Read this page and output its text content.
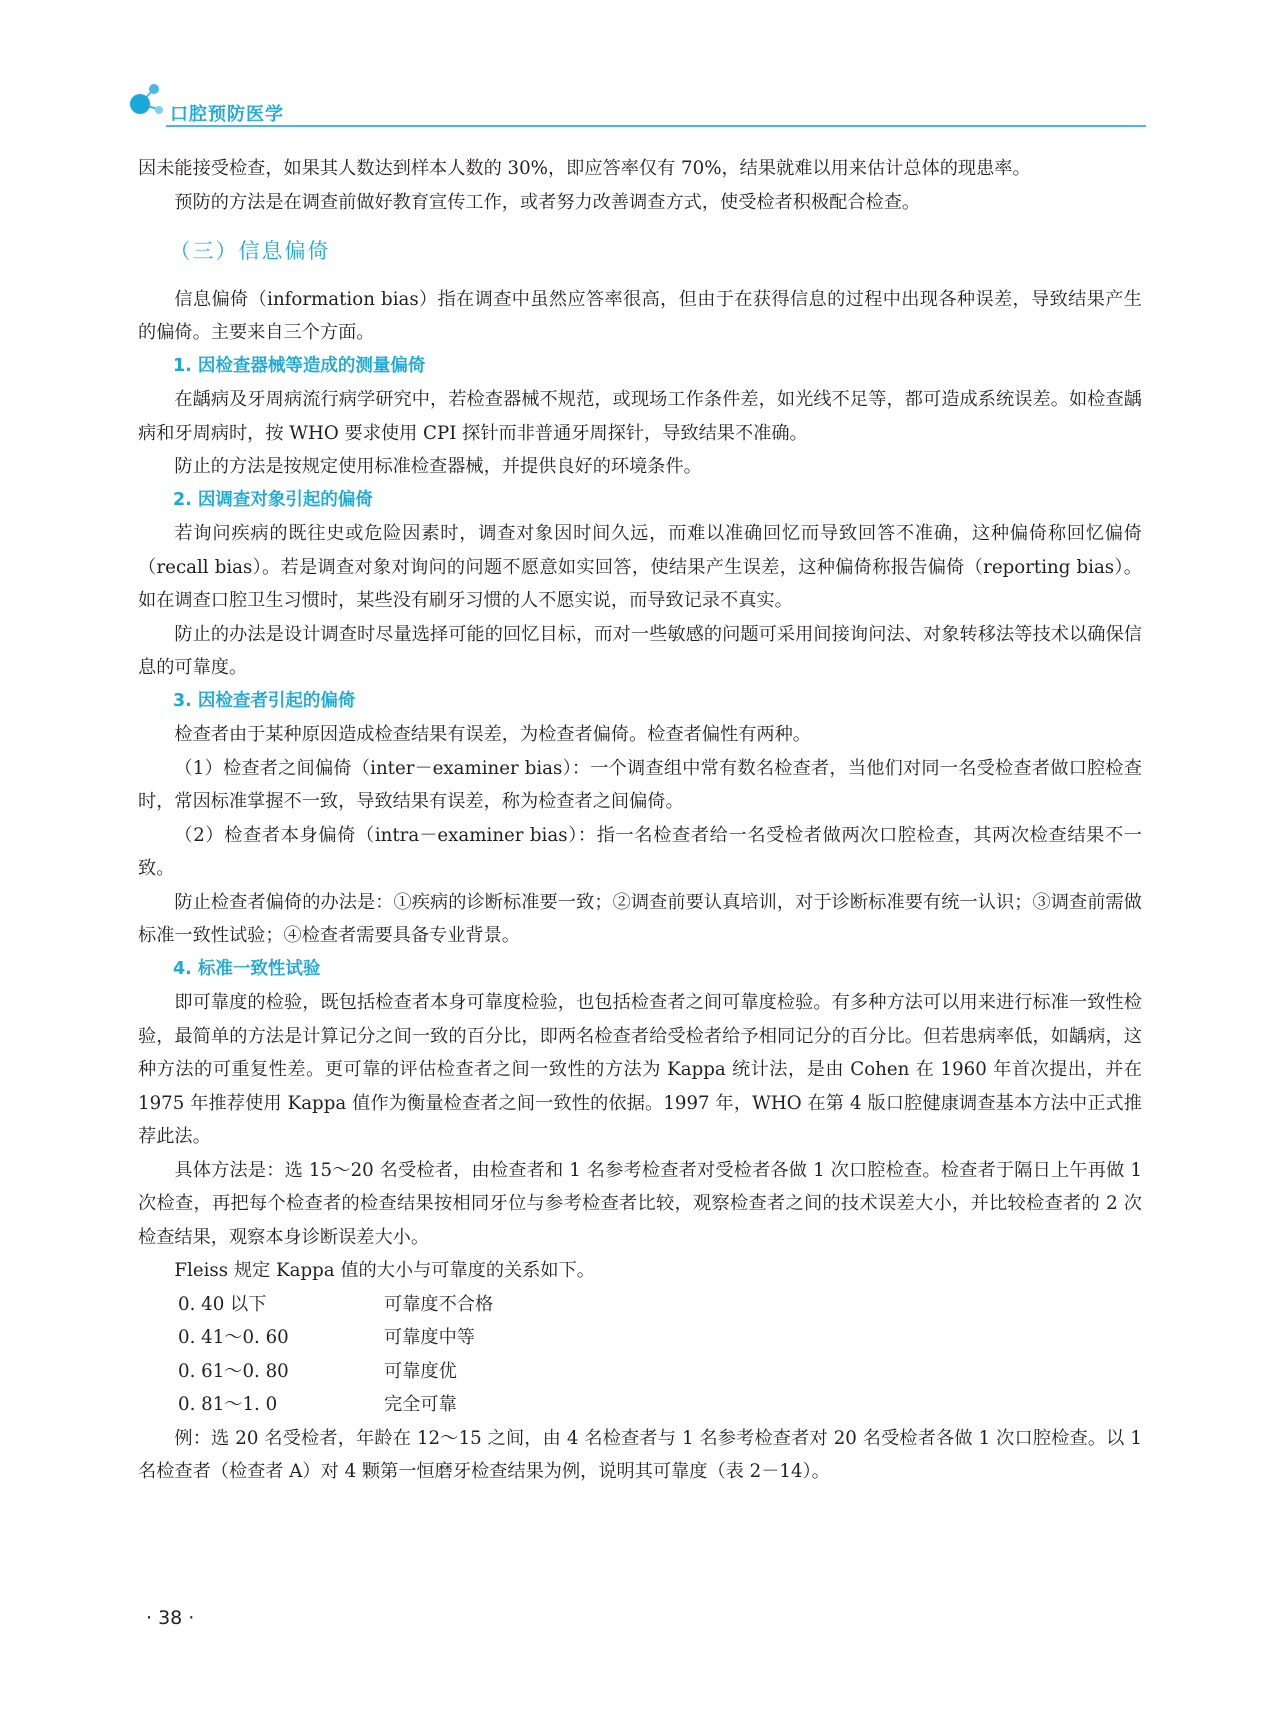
口腔预防医学

因未能接受检查，如果其人数达到样本人数的 30%，即应答率仅有 70%，结果就难以用来估计总体的现患率。

预防的方法是在调查前做好教育宣传工作，或者努力改善调查方式，使受检者积极配合检查。

（三）信息偏倚

信息偏倚（information bias）指在调查中虽然应答率很高，但由于在获得信息的过程中出现各种误差，导致结果产生的偏倚。主要来自三个方面。

1. 因检查器械等造成的测量偏倚

在龋病及牙周病流行病学研究中，若检查器械不规范，或现场工作条件差，如光线不足等，都可造成系统误差。如检查龋病和牙周病时，按 WHO 要求使用 CPI 探针而非普通牙周探针，导致结果不准确。

防止的方法是按规定使用标准检查器械，并提供良好的环境条件。

2. 因调查对象引起的偏倚

若询问疾病的既往史或危险因素时，调查对象因时间久远，而难以准确回忆而导致回答不准确，这种偏倚称回忆偏倚（recall bias）。若是调查对象对询问的问题不愿意如实回答，使结果产生误差，这种偏倚称报告偏倚（reporting bias）。如在调查口腔卫生习惯时，某些没有刷牙习惯的人不愿实说，而导致记录不真实。

防止的办法是设计调查时尽量选择可能的回忆目标，而对一些敏感的问题可采用间接询问法、对象转移法等技术以确保信息的可靠度。

3. 因检查者引起的偏倚

检查者由于某种原因造成检查结果有误差，为检查者偏倚。检查者偏性有两种。

（1）检查者之间偏倚（inter－examiner bias）：一个调查组中常有数名检查者，当他们对同一名受检查者做口腔检查时，常因标准掌握不一致，导致结果有误差，称为检查者之间偏倚。

（2）检查者本身偏倚（intra－examiner bias）：指一名检查者给一名受检者做两次口腔检查，其两次检查结果不一致。

防止检查者偏倚的办法是：①疾病的诊断标准要一致；②调查前要认真培训，对于诊断标准要有统一认识；③调查前需做标准一致性试验；④检查者需要具备专业背景。

4. 标准一致性试验

即可靠度的检验，既包括检查者本身可靠度检验，也包括检查者之间可靠度检验。有多种方法可以用来进行标准一致性检验，最简单的方法是计算记分之间一致的百分比，即两名检查者给受检者给予相同记分的百分比。但若患病率低，如龋病，这种方法的可重复性差。更可靠的评估检查者之间一致性的方法为 Kappa 统计法，是由 Cohen 在 1960 年首次提出，并在 1975 年推荐使用 Kappa 值作为衡量检查者之间一致性的依据。1997 年，WHO 在第 4 版口腔健康调查基本方法中正式推荐此法。

具体方法是：选 15～20 名受检者，由检查者和 1 名参考检查者对受检者各做 1 次口腔检查。检查者于隔日上午再做 1 次检查，再把每个检查者的检查结果按相同牙位与参考检查者比较，观察检查者之间的技术误差大小，并比较检查者的 2 次检查结果，观察本身诊断误差大小。

Fleiss 规定 Kappa 值的大小与可靠度的关系如下。

0. 40 以下	可靠度不合格
0. 41～0. 60	可靠度中等
0. 61～0. 80	可靠度优
0. 81～1. 0	完全可靠

例：选 20 名受检者，年龄在 12～15 之间，由 4 名检查者与 1 名参考检查者对 20 名受检者各做 1 次口腔检查。以 1 名检查者（检查者 A）对 4 颗第一恒磨牙检查结果为例，说明其可靠度（表 2－14）。

· 38 ·
